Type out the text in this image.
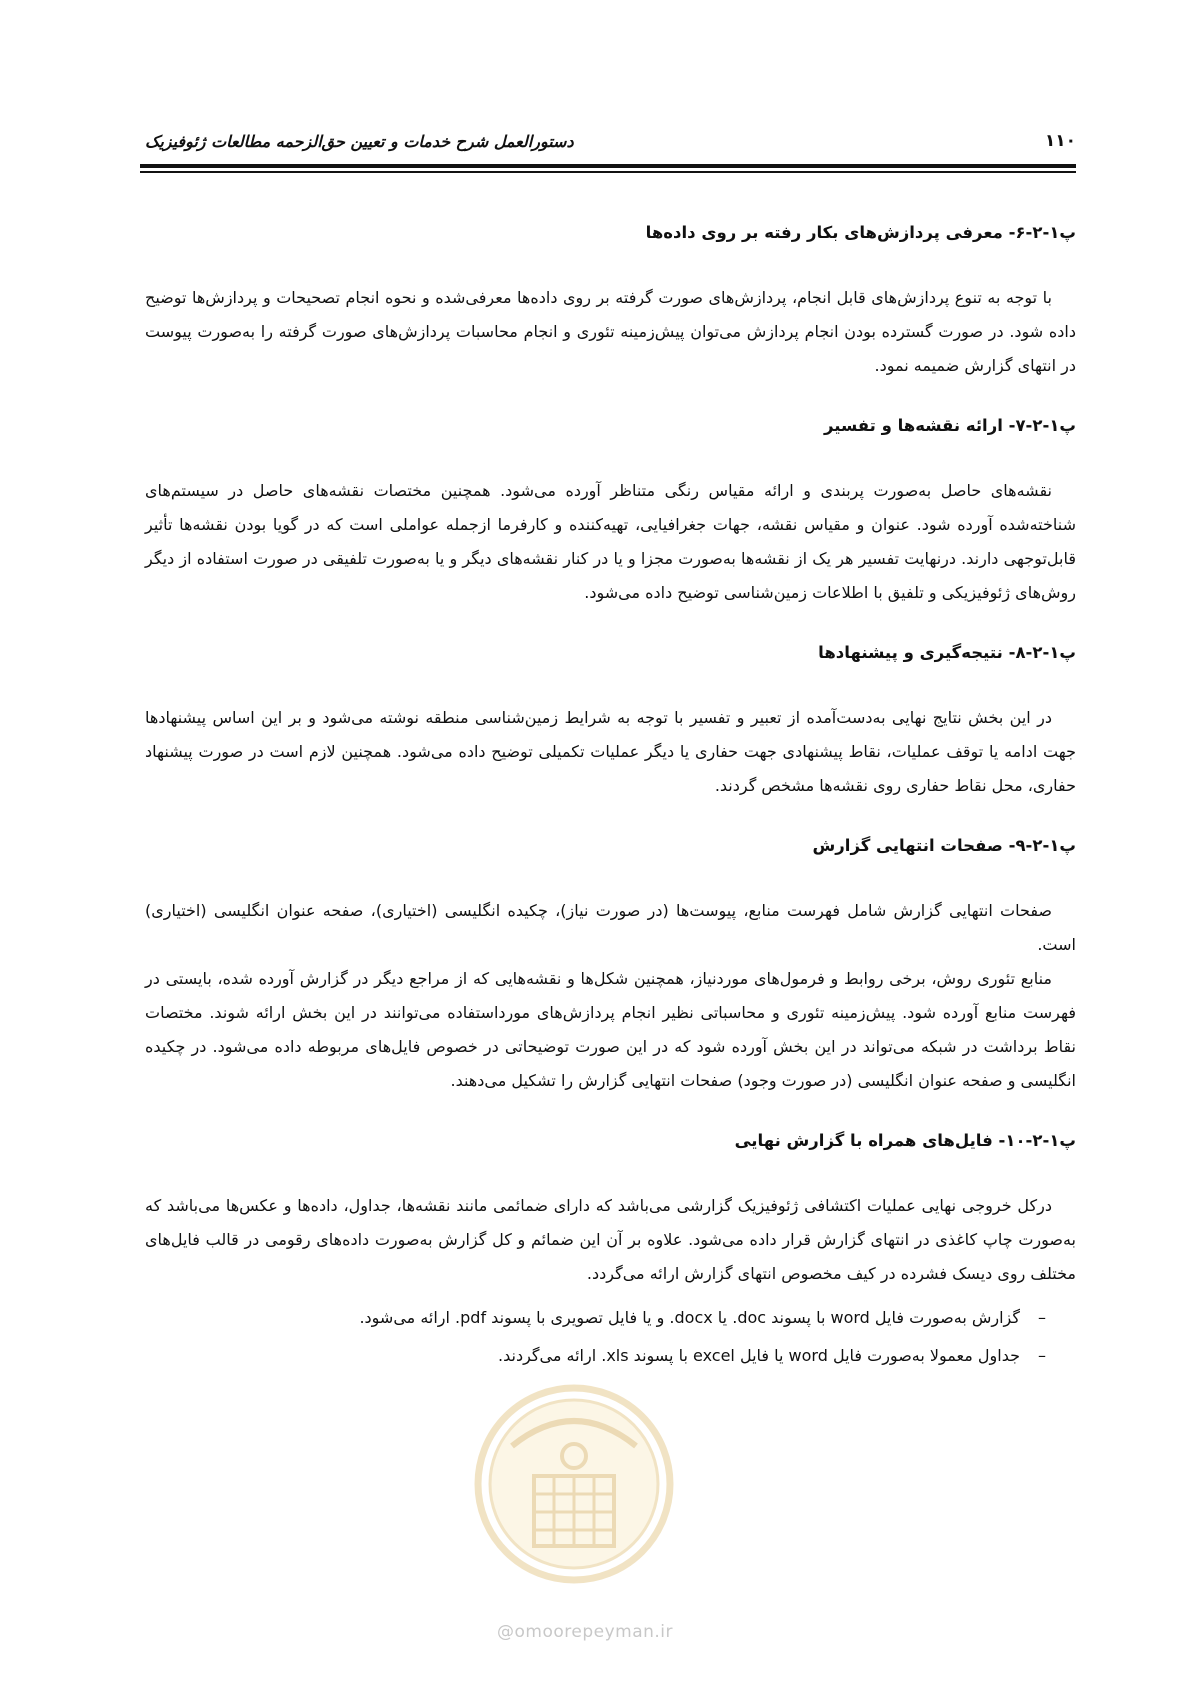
۱۱۰
دستورالعمل شرح خدمات و تعیین حق‌الزحمه مطالعات ژئوفیزیک
پ۱-۲-۶- معرفی پردازش‌های بکار رفته بر روی داده‌ها

با توجه به تنوع پردازش‌های قابل انجام، پردازش‌های صورت گرفته بر روی داده‌ها معرفی‌شده و نحوه انجام تصحیحات و پردازش‌ها توضیح داده شود. در صورت گسترده بودن انجام پردازش می‌توان پیش‌زمینه تئوری و انجام محاسبات پردازش‌های صورت گرفته را به‌صورت پیوست در انتهای گزارش ضمیمه نمود.

پ۱-۲-۷- ارائه نقشه‌ها و تفسیر

نقشه‌های حاصل به‌صورت پربندی و ارائه مقیاس رنگی متناظر آورده می‌شود. همچنین مختصات نقشه‌های حاصل در سیستم‌های شناخته‌شده آورده شود. عنوان و مقیاس نقشه، جهات جغرافیایی، تهیه‌کننده و کارفرما ازجمله عواملی است که در گویا بودن نقشه‌ها تأثیر قابل‌توجهی دارند. درنهایت تفسیر هر یک از نقشه‌ها به‌صورت مجزا و یا در کنار نقشه‌های دیگر و یا به‌صورت تلفیقی در صورت استفاده از دیگر روش‌های ژئوفیزیکی و تلفیق با اطلاعات زمین‌شناسی توضیح داده می‌شود.

پ۱-۲-۸- نتیجه‌گیری و پیشنهادها

در این بخش نتایج نهایی به‌دست‌آمده از تعبیر و تفسیر با توجه به شرایط زمین‌شناسی منطقه نوشته می‌شود و بر این اساس پیشنهادها جهت ادامه یا توقف عملیات، نقاط پیشنهادی جهت حفاری یا دیگر عملیات تکمیلی توضیح داده می‌شود. همچنین لازم است در صورت پیشنهاد حفاری، محل نقاط حفاری روی نقشه‌ها مشخص گردند.

پ۱-۲-۹- صفحات انتهایی گزارش

صفحات انتهایی گزارش شامل فهرست منابع، پیوست‌ها (در صورت نیاز)، چکیده انگلیسی (اختیاری)، صفحه عنوان انگلیسی (اختیاری) است.

منابع تئوری روش، برخی روابط و فرمول‌های موردنیاز، همچنین شکل‌ها و نقشه‌هایی که از مراجع دیگر در گزارش آورده شده، بایستی در فهرست منابع آورده شود. پیش‌زمینه تئوری و محاسباتی نظیر انجام پردازش‌های مورداستفاده می‌توانند در این بخش ارائه شوند. مختصات نقاط برداشت در شبکه می‌تواند در این بخش آورده شود که در این صورت توضیحاتی در خصوص فایل‌های مربوطه داده می‌شود. در چکیده انگلیسی و صفحه عنوان انگلیسی (در صورت وجود) صفحات انتهایی گزارش را تشکیل می‌دهند.

پ۱-۲-۱۰- فایل‌های همراه با گزارش نهایی

درکل خروجی نهایی عملیات اکتشافی ژئوفیزیک گزارشی می‌باشد که دارای ضمائمی مانند نقشه‌ها، جداول، داده‌ها و عکس‌ها می‌باشد که به‌صورت چاپ کاغذی در انتهای گزارش قرار داده می‌شود. علاوه بر آن این ضمائم و کل گزارش به‌صورت داده‌های رقومی در قالب فایل‌های مختلف روی دیسک فشرده در کیف مخصوص انتهای گزارش ارائه می‌گردد.

–
گزارش به‌صورت فایل word با پسوند doc. یا docx. و یا فایل تصویری با پسوند pdf. ارائه می‌شود.
–
جداول معمولا به‌صورت فایل word یا فایل excel با پسوند xls. ارائه می‌گردند.
@omoorepeyman.ir
